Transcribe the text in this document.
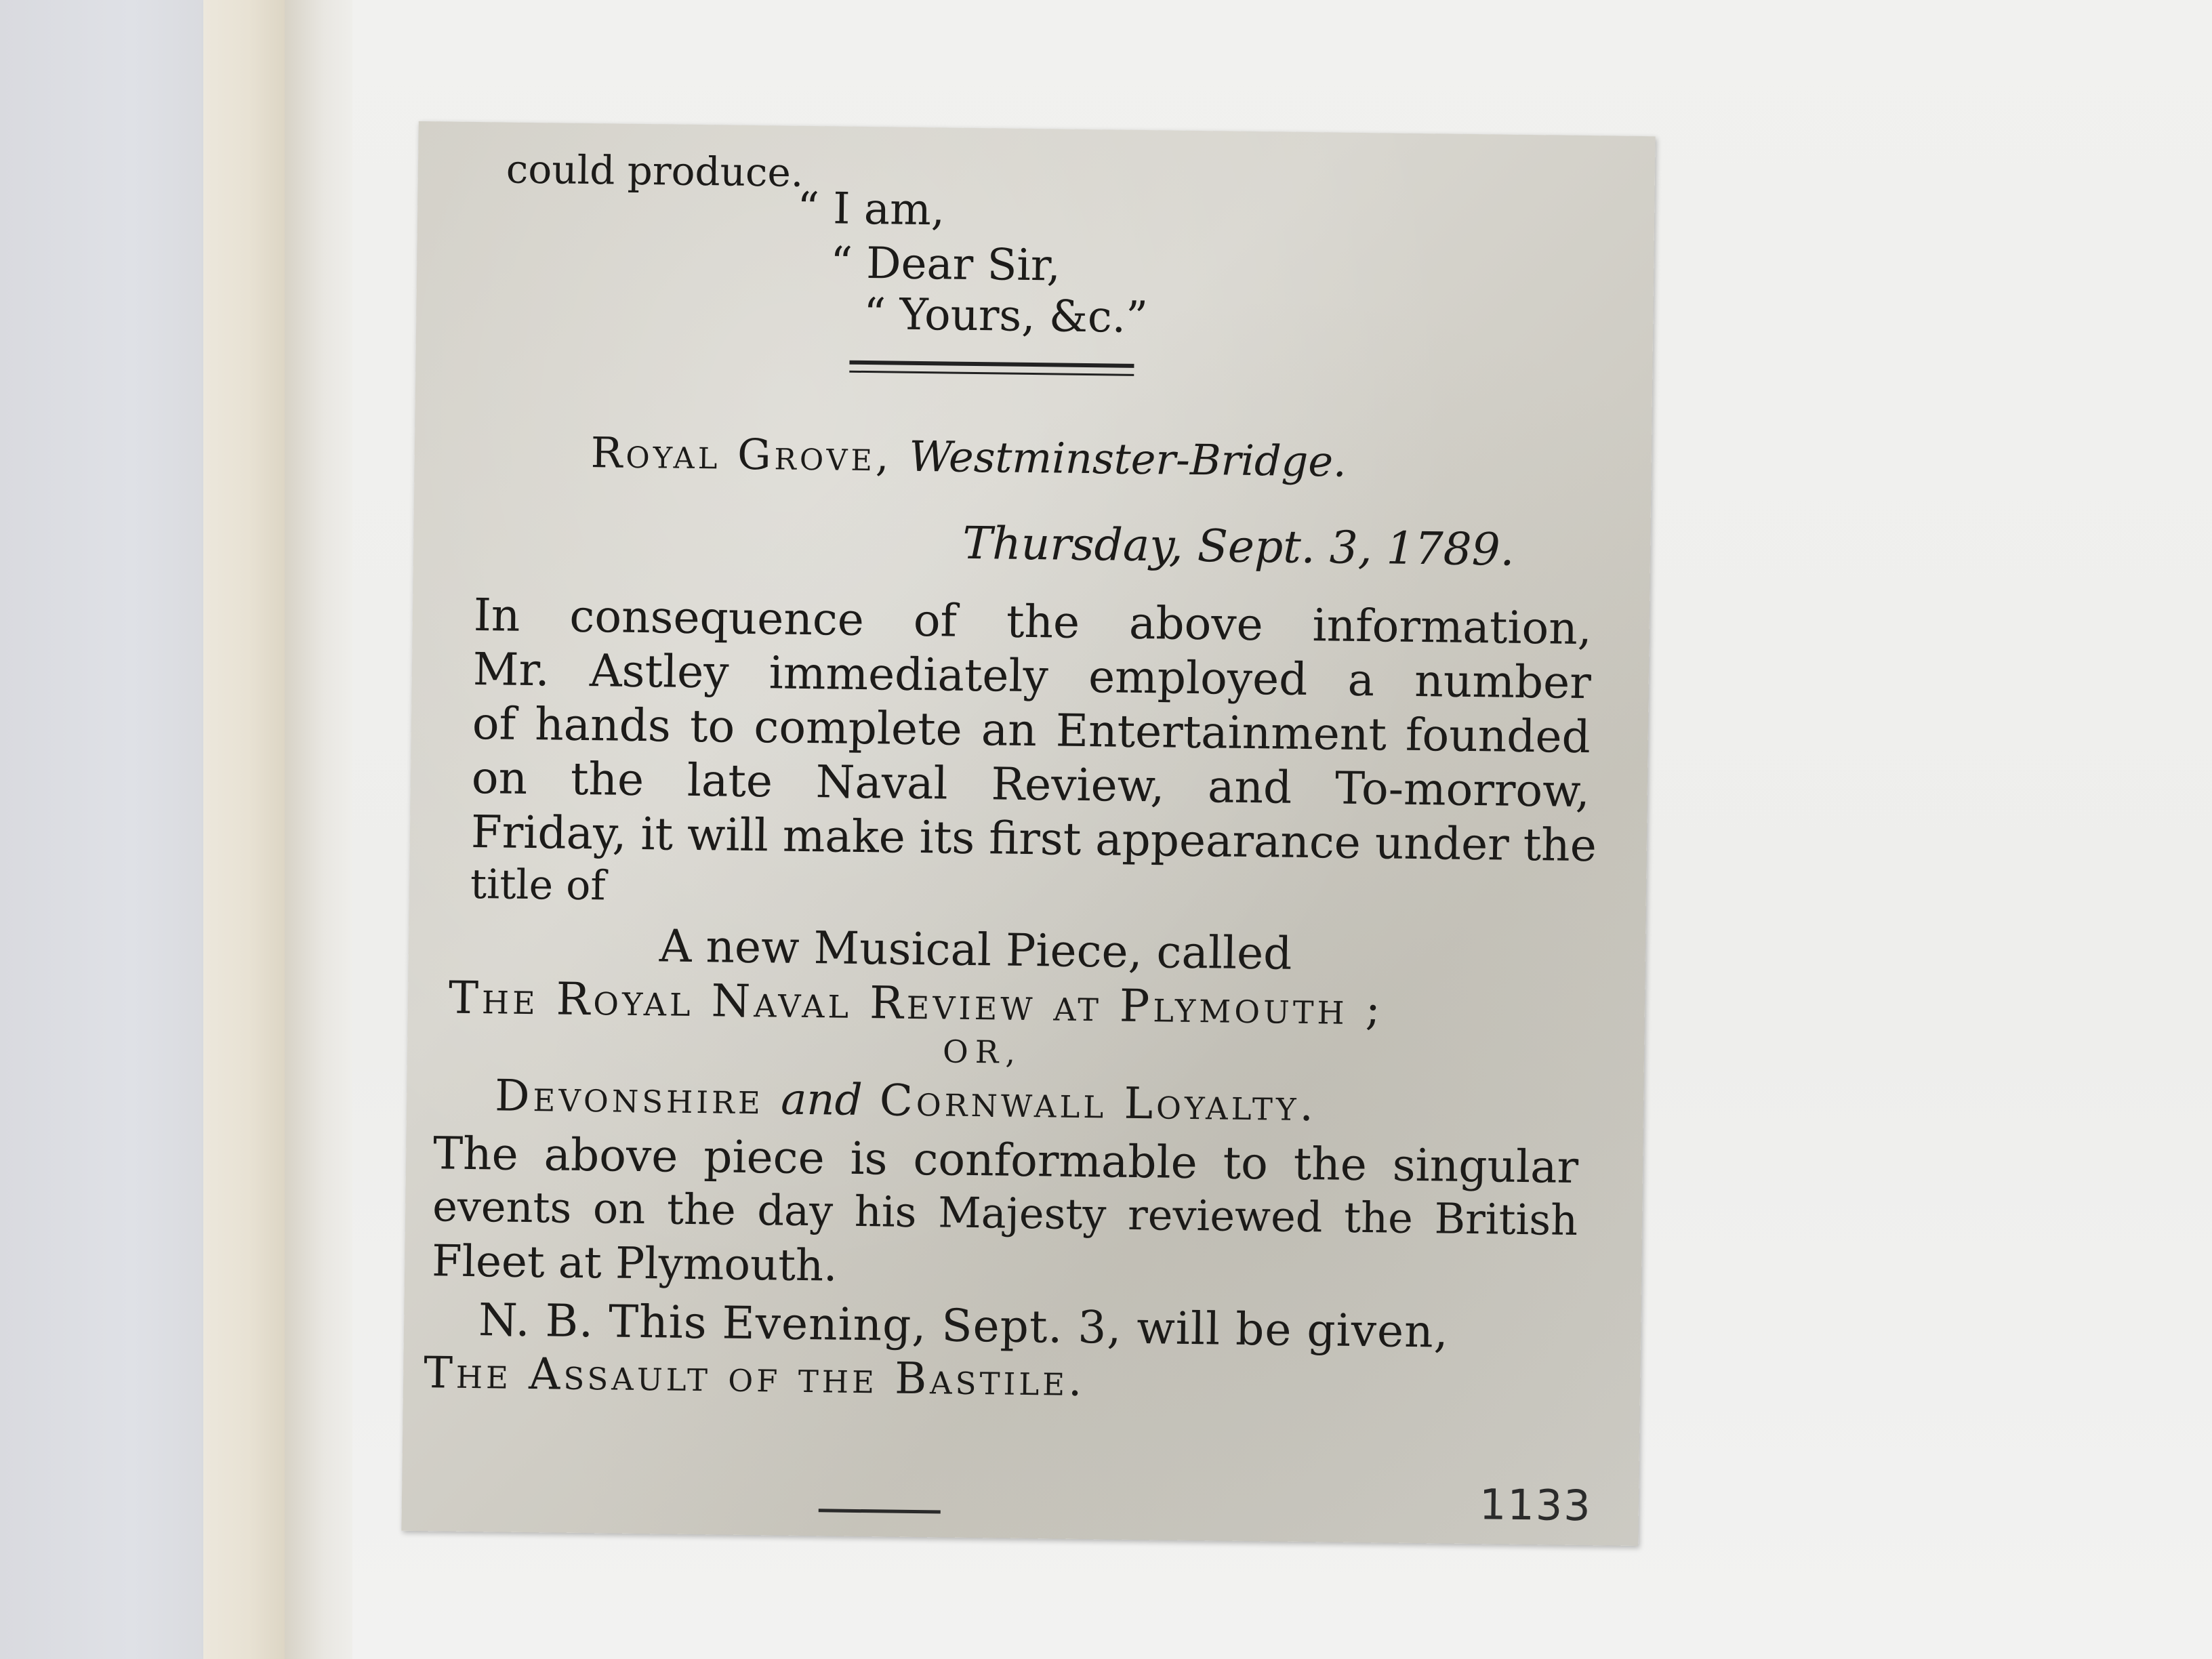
could produce.
“ I am,
“ Dear Sir,
“ Yours, &c.”
Royal Grove, Westminster-Bridge.
Thursday, Sept. 3, 1789.
In consequence of the above information,
Mr. Astley immediately employed a number
of hands to complete an Entertainment founded
on the late Naval Review, and To-morrow,
Friday, it will make its first appearance under the
title of
A new Musical Piece, called
The Royal Naval Review at Plymouth ;
OR,
Devonshire and Cornwall Loyalty.
The above piece is conformable to the singular
events on the day his Majesty reviewed the British
Fleet at Plymouth.
N. B. This Evening, Sept. 3, will be given,
The Assault of the Bastile.
1133
